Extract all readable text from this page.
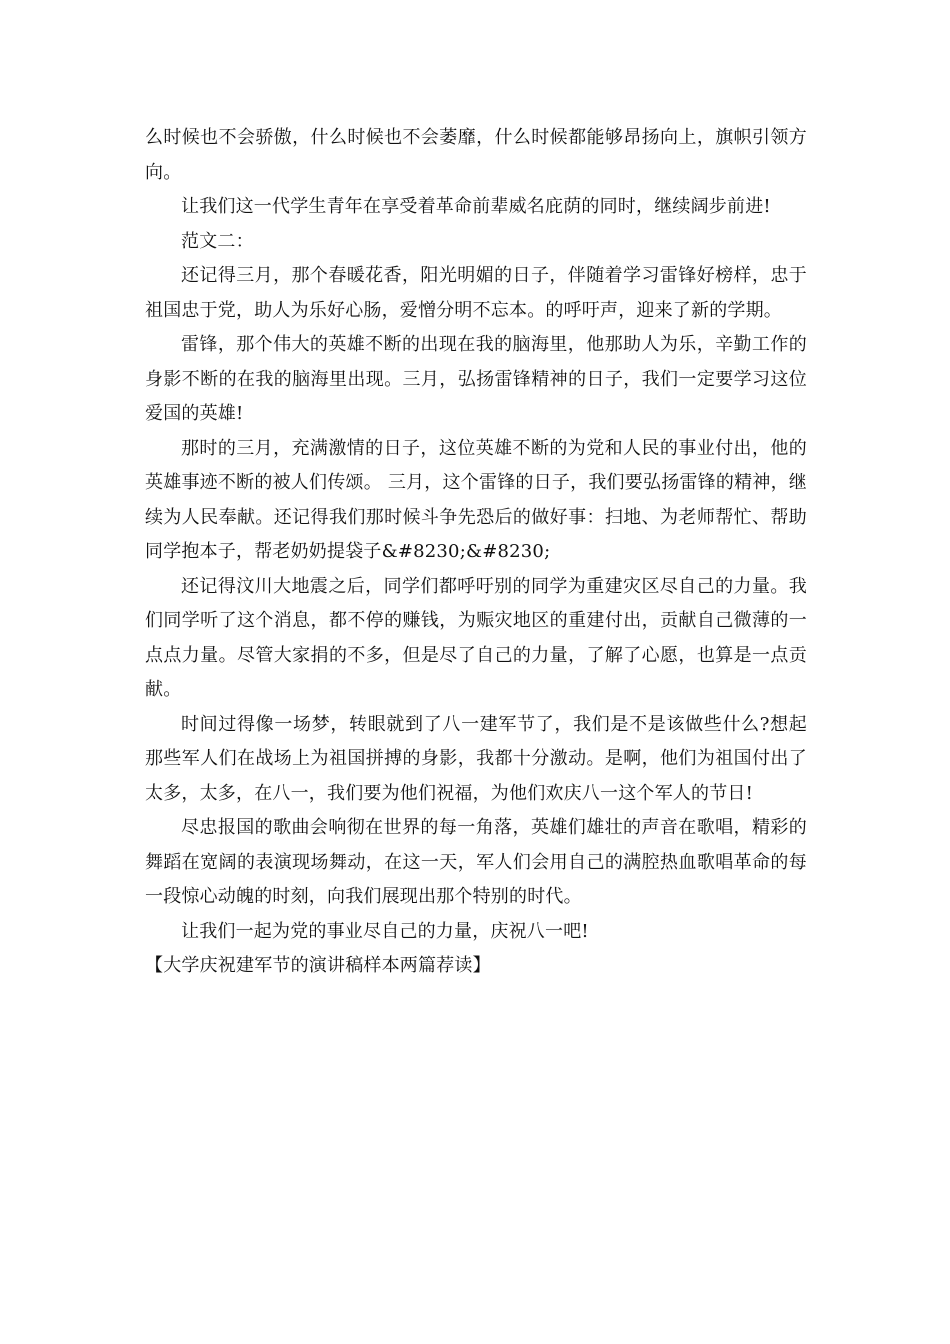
么时候也不会骄傲，什么时候也不会萎靡，什么时候都能够昂扬向上，旗帜引领方向。

让我们这一代学生青年在享受着革命前辈威名庇荫的同时，继续阔步前进!

范文二：

还记得三月，那个春暖花香，阳光明媚的日子，伴随着学习雷锋好榜样，忠于祖国忠于党，助人为乐好心肠，爱憎分明不忘本。的呼吁声，迎来了新的学期。

雷锋，那个伟大的英雄不断的出现在我的脑海里，他那助人为乐，辛勤工作的身影不断的在我的脑海里出现。三月，弘扬雷锋精神的日子，我们一定要学习这位爱国的英雄!

那时的三月，充满激情的日子，这位英雄不断的为党和人民的事业付出，他的英雄事迹不断的被人们传颂。 三月，这个雷锋的日子，我们要弘扬雷锋的精神，继续为人民奉献。还记得我们那时候斗争先恐后的做好事：扫地、为老师帮忙、帮助同学抱本子，帮老奶奶提袋子&#8230;&#8230;

还记得汶川大地震之后，同学们都呼吁别的同学为重建灾区尽自己的力量。我们同学听了这个消息，都不停的赚钱，为赈灾地区的重建付出，贡献自己微薄的一点点力量。尽管大家捐的不多，但是尽了自己的力量，了解了心愿，也算是一点贡献。

时间过得像一场梦，转眼就到了八一建军节了，我们是不是该做些什么?想起那些军人们在战场上为祖国拼搏的身影，我都十分激动。是啊，他们为祖国付出了太多，太多，在八一，我们要为他们祝福，为他们欢庆八一这个军人的节日!

尽忠报国的歌曲会响彻在世界的每一角落，英雄们雄壮的声音在歌唱，精彩的舞蹈在宽阔的表演现场舞动，在这一天，军人们会用自己的满腔热血歌唱革命的每一段惊心动魄的时刻，向我们展现出那个特别的时代。

让我们一起为党的事业尽自己的力量，庆祝八一吧!

【大学庆祝建军节的演讲稿样本两篇荐读】
